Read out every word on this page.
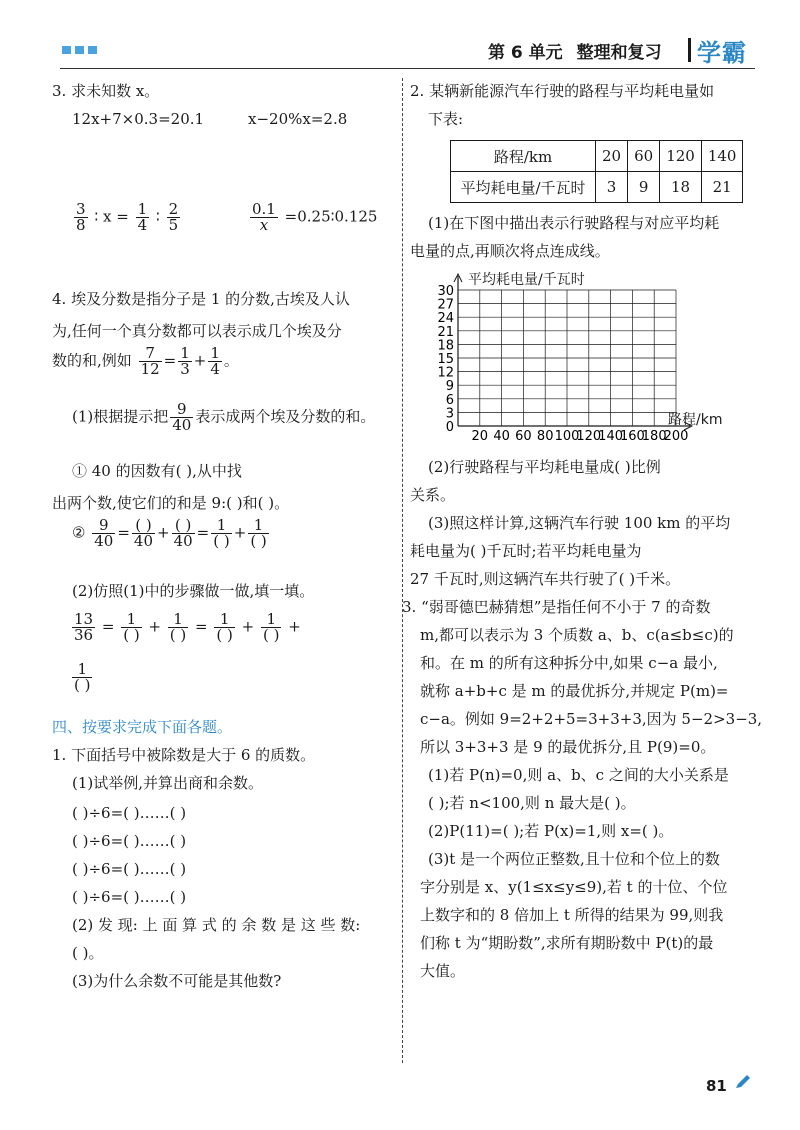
第 6 单元 整理和复习 学霸
3. 求未知数 x。
12x+7×0.3=20.1	x−20%x=2.8
$\frac{3}{8}$ ∶ $x = \frac{1}{4}$ ∶ $\frac{2}{5}$	$\frac{0.1}{x}$ =0.25∶0.125
4. 埃及分数是指分子是 1 的分数,古埃及人认
为,任何一个真分数都可以表示成几个埃及分
数的和,例如 $\frac{7}{12} = \frac{1}{3} + \frac{1}{4}$ 。
(1)根据提示把 $\frac{9}{40}$ 表示成两个埃及分数的和。
① 40 的因数有( ),从中找
出两个数,使它们的和是 9:( )和( )。
② $\frac{9}{40} = \frac{( )}{40} + \frac{( )}{40} = \frac{1}{( )} + \frac{1}{( )}$
(2)仿照(1)中的步骤做一做,填一填。
$\frac{13}{36} = \frac{1}{( )} + \frac{1}{( )} = \frac{1}{( )} + \frac{1}{( )}$ +
$\frac{1}{( )}$
四、按要求完成下面各题。
1. 下面括号中被除数是大于 6 的质数。
(1)试举例,并算出商和余数。
( )÷6=( )……( )
( )÷6=( )……( )
( )÷6=( )……( )
( )÷6=( )……( )
(2) 发 现: 上 面 算 式 的 余 数 是 这 些 数:
( )。
(3)为什么余数不可能是其他数?
2. 某辆新能源汽车行驶的路程与平均耗电量如
下表:
路程/km	20	60	120	140
平均耗电量/千瓦时	3	9	18	21
(1)在下图中描出表示行驶路程与对应平均耗
电量的点,再顺次将点连成线。
平均耗电量/千瓦时
路程/km
0
3
6
9
12
15
18
21
24
27
30
20 40 60 80 100
120
140
160
180
200
(2)行驶路程与平均耗电量成( )比例
关系。
(3)照这样计算,这辆汽车行驶 100 km 的平均
耗电量为( )千瓦时;若平均耗电量为
27 千瓦时,则这辆汽车共行驶了( )千米。
3. “弱哥德巴赫猜想”是指任何不小于 7 的奇数
m,都可以表示为 3 个质数 a、b、c(a≤b≤c)的
和。在 m 的所有这种拆分中,如果 c−a 最小,
就称 a+b+c 是 m 的最优拆分,并规定 P(m)=
c−a。例如 9=2+2+5=3+3+3,因为 5−2>3−3,
所以 3+3+3 是 9 的最优拆分,且 P(9)=0。
(1)若 P(n)=0,则 a、b、c 之间的大小关系是
( );若 n<100,则 n 最大是( )。
(2)P(11)=( );若 P(x)=1,则 x=( )。
(3)t 是一个两位正整数,且十位和个位上的数
字分别是 x、y(1≤x≤y≤9),若 t 的十位、个位
上数字和的 8 倍加上 t 所得的结果为 99,则我
们称 t 为“期盼数”,求所有期盼数中 P(t)的最
大值。
81
